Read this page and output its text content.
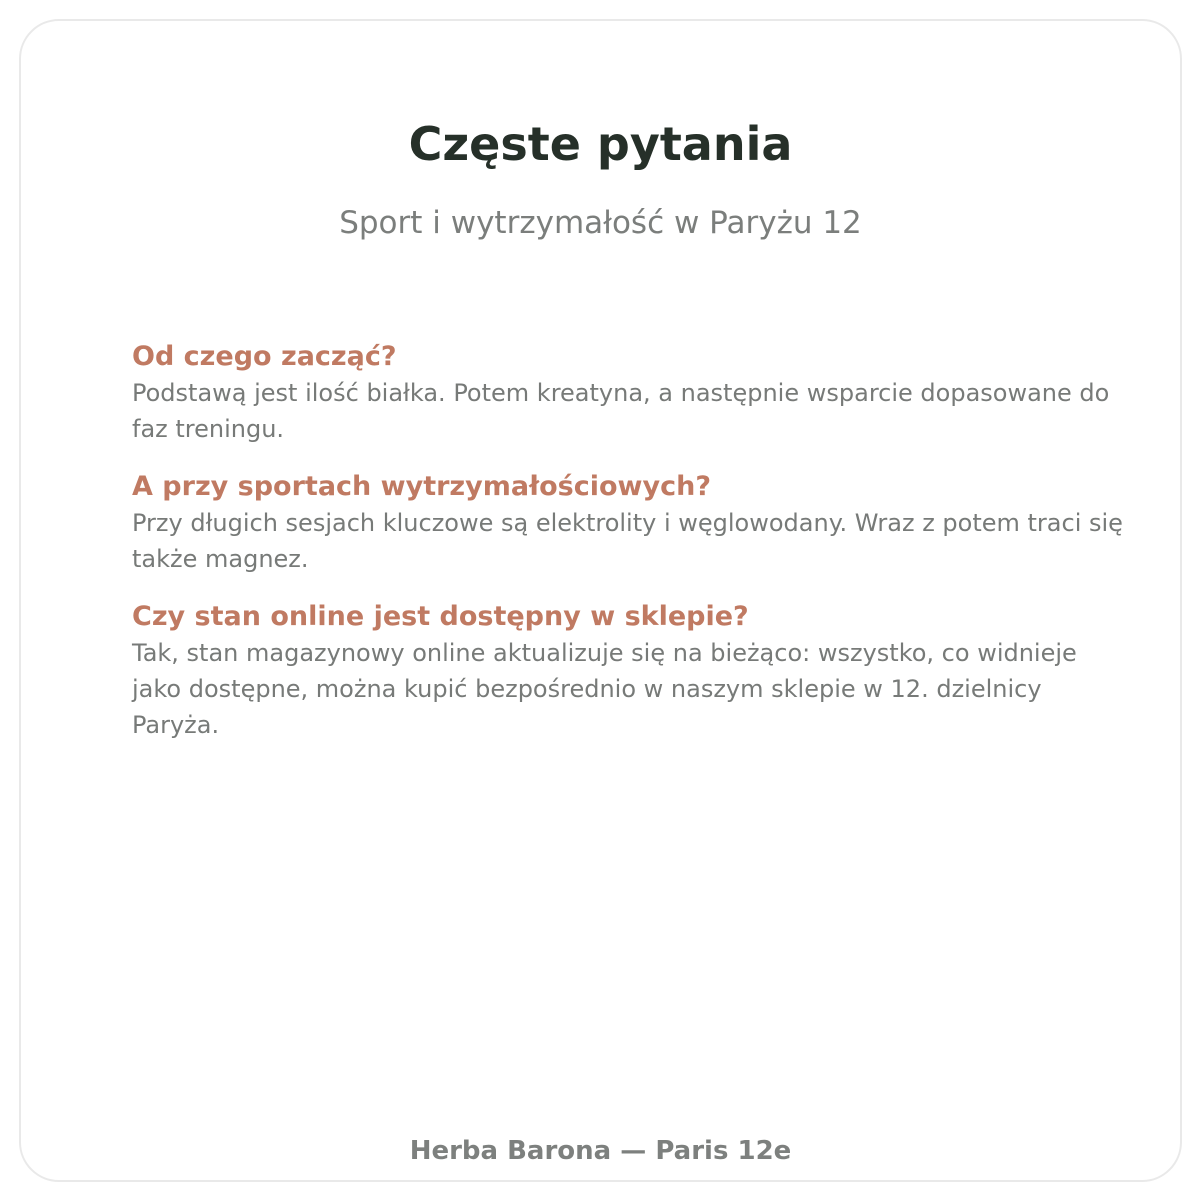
Częste pytania
Sport i wytrzymałość w Paryżu 12
Od czego zacząć?
Podstawą jest ilość białka. Potem kreatyna, a następnie wsparcie dopasowane do faz treningu.
A przy sportach wytrzymałościowych?
Przy długich sesjach kluczowe są elektrolity i węglowodany. Wraz z potem traci się także magnez.
Czy stan online jest dostępny w sklepie?
Tak, stan magazynowy online aktualizuje się na bieżąco: wszystko, co widnieje jako dostępne, można kupić bezpośrednio w naszym sklepie w 12. dzielnicy Paryża.
Herba Barona — Paris 12e
